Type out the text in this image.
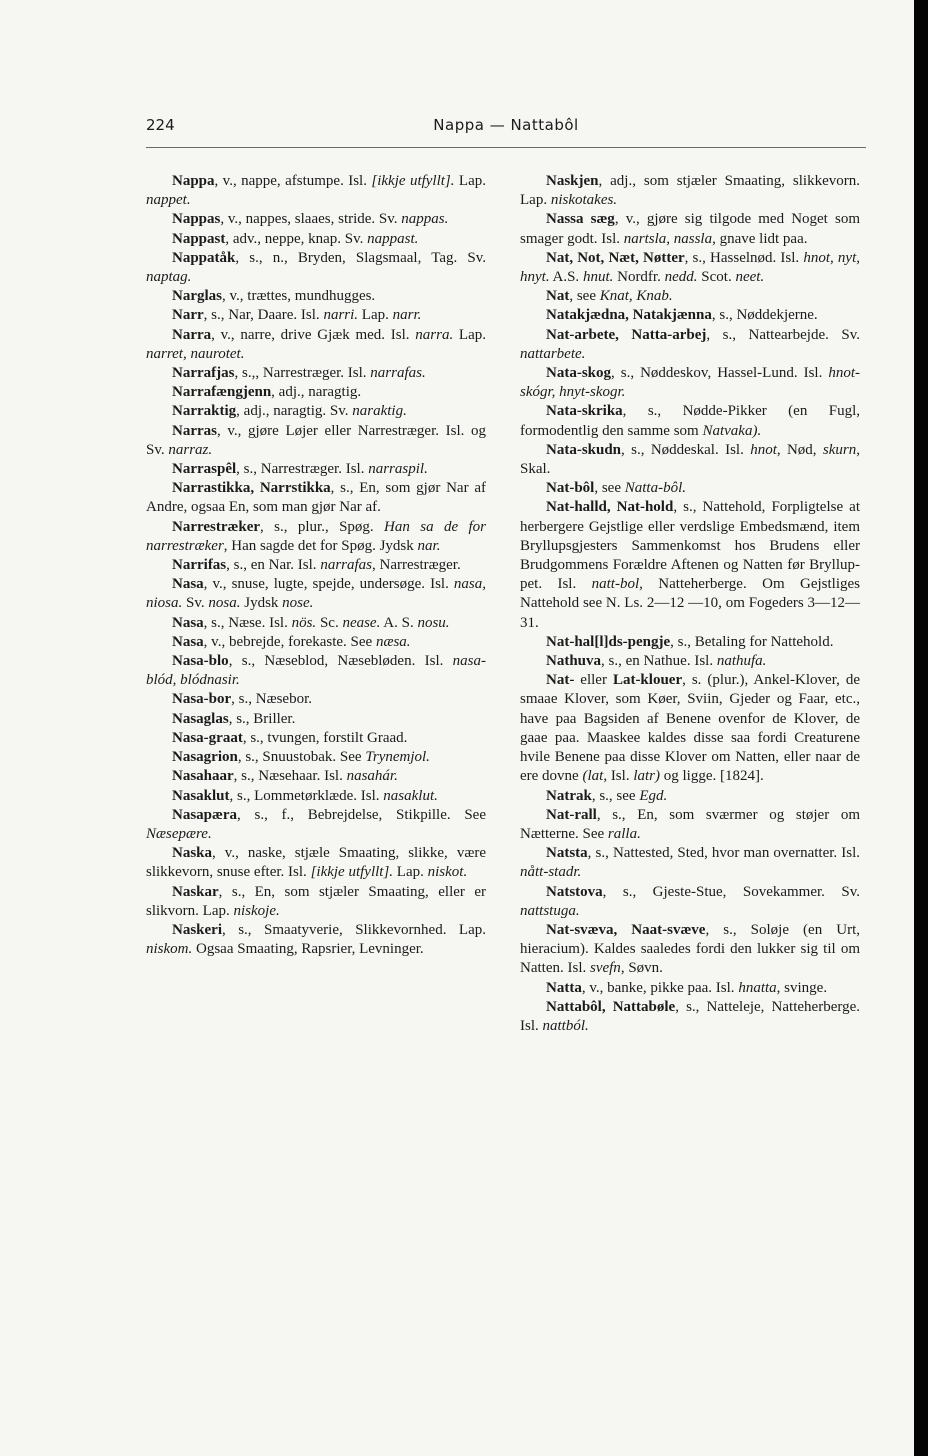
224	Nappa — Nattabôl

Nappa, v., nappe, afstumpe. Isl. [ikkje utfyllt]. Lap. nappet.

Nappas, v., nappes, slaaes, stride. Sv. nappas.

Nappast, adv., neppe, knap. Sv. nappast.

Nappatåk, s., n., Bryden, Slagsmaal, Tag. Sv. naptag.

Narglas, v., trættes, mundhugges.

Narr, s., Nar, Daare. Isl. narri. Lap. narr.

Narra, v., narre, drive Gjæk med. Isl. narra. Lap. narret, naurotet.

Narrafjas, s.,, Narrestræger. Isl. narrafas.

Narrafængjenn, adj., naragtig.

Narraktig, adj., naragtig. Sv. naraktig.

Narras, v., gjøre Løjer eller Narrestræger. Isl. og Sv. narraz.

Narraspêl, s., Narrestræger. Isl. narraspil.

Narrastikka, Narrstikka, s., En, som gjør Nar af Andre, ogsaa En, som man gjør Nar af.

Narrestræker, s., plur., Spøg. Han sa de for narrestræker, Han sagde det for Spøg. Jydsk nar.

Narrifas, s., en Nar. Isl. narrafas, Narrestræger.

Nasa, v., snuse, lugte, spejde, undersøge. Isl. nasa, niosa. Sv. nosa. Jydsk nose.

Nasa, s., Næse. Isl. nös. Sc. nease. A. S. nosu.

Nasa, v., bebrejde, forekaste. See næsa.

Nasa-blo, s., Næseblod, Næsebløden. Isl. nasa-blód, blódnasir.

Nasa-bor, s., Næsebor.

Nasaglas, s., Briller.

Nasa-graat, s., tvungen, forstilt Graad.

Nasagrion, s., Snuustobak. See Trynemjol.

Nasahaar, s., Næsehaar. Isl. nasahár.

Nasaklut, s., Lommetørklæde. Isl. nasaklut.

Nasapæra, s., f., Bebrejdelse, Stikpille. See Næsepære.

Naska, v., naske, stjæle Smaating, slikke, være slikkevorn, snuse efter. Isl. [ikkje utfyllt]. Lap. niskot.

Naskar, s., En, som stjæler Smaating, eller er slikvorn. Lap. niskoje.

Naskeri, s., Smaatyverie, Slikkevornhed. Lap. niskom. Ogsaa Smaating, Rapsrier, Levninger.

Naskjen, adj., som stjæler Smaating, slikkevorn. Lap. niskotakes.

Nassa sæg, v., gjøre sig tilgode med Noget som smager godt. Isl. nartsla, nassla, gnave lidt paa.

Nat, Not, Næt, Nøtter, s., Hasselnød. Isl. hnot, nyt, hnyt. A.S. hnut. Nordfr. nedd. Scot. neet.

Nat, see Knat, Knab.

Natakjædna, Natakjænna, s., Nøddekjerne.

Nat-arbete, Natta-arbej, s., Nattearbejde. Sv. nattarbete.

Nata-skog, s., Nøddeskov, Hassel-Lund. Isl. hnot-skógr, hnyt-skogr.

Nata-skrika, s., Nødde-Pikker (en Fugl, formodentlig den samme som Natvaka).

Nata-skudn, s., Nøddeskal. Isl. hnot, Nød, skurn, Skal.

Nat-bôl, see Natta-bôl.

Nat-halld, Nat-hold, s., Nattehold, Forpligtelse at herbergere Gejstlige eller verdslige Embedsmænd, item Bryllupsgjesters Sammenkomst hos Brudens eller Brudgommens Forældre Aftenen og Natten før Bryllup-pet. Isl. natt-bol, Natteherberge. Om Gejstliges Nattehold see N. Ls. 2—12 —10, om Fogeders 3—12—31.

Nat-hal[l]ds-pengje, s., Betaling for Nattehold.

Nathuva, s., en Nathue. Isl. nathufa.

Nat- eller Lat-klouer, s. (plur.), Ankel-Klover, de smaae Klover, som Køer, Sviin, Gjeder og Faar, etc., have paa Bagsiden af Benene ovenfor de Klover, de gaae paa. Maaskee kaldes disse saa fordi Creaturene hvile Benene paa disse Klover om Natten, eller naar de ere dovne (lat, Isl. latr) og ligge. [1824].

Natrak, s., see Egd.

Nat-rall, s., En, som sværmer og støjer om Nætterne. See ralla.

Natsta, s., Nattested, Sted, hvor man overnatter. Isl. nått-stadr.

Natstova, s., Gjeste-Stue, Sovekammer. Sv. nattstuga.

Nat-svæva, Naat-svæve, s., Soløje (en Urt, hieracium). Kaldes saaledes fordi den lukker sig til om Natten. Isl. svefn, Søvn.

Natta, v., banke, pikke paa. Isl. hnatta, svinge.

Nattabôl, Nattabøle, s., Natteleje, Natteherberge. Isl. nattból.
